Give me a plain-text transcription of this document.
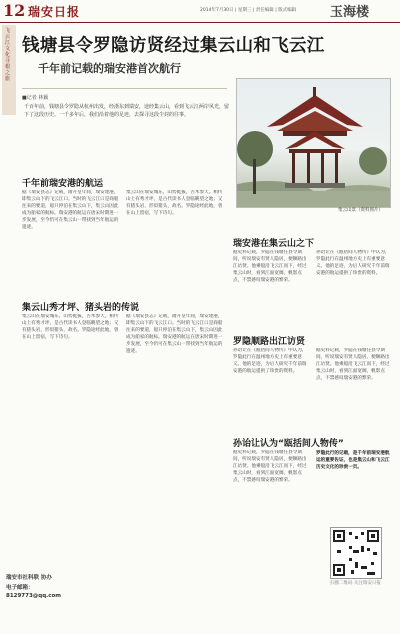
12 瑞安日报	2014年7月30日 | 星期三 | 责任编辑 | 版式编辑	玉海楼
飞云江文化寻根之旅
钱塘县令罗隐访贤经过集云山和飞云江
千年前记载的瑞安港首次航行
■记者 林颖
千百年前，钱塘县令罗隐从杭州出发，经浙东到瑞安，途经集云山，看到飞云江两岸风光，留下了这段历史。一千多年后，我们沿着他的足迹，去探寻这段尘封的往事。
集云山景（资料图片）
千年前瑞安港的航运
据《瑞安县志》记载，隋开皇年间，瑞安建港，即集云山下的飞云江口。当时的飞云江口是商船往来的要道，船只停泊在集云山下，集云山因此成为船家的航标。瑞安港的航运在唐宋时期进一步发展，至今仍可在集云山一带找到当年航运的遗迹。
集云山在瑞安城东，山势挺拔，古木参天。相传山上有秀才坪，是古代读书人登临眺望之地；又有猪头岩，形似猪头，故名。罗隐途经此地，曾在山上留宿，写下诗句。
集云山秀才坪、猪头岩的传说
集云山在瑞安城东，山势挺拔，古木参天。相传山上有秀才坪，是古代读书人登临眺望之地；又有猪头岩，形似猪头，故名。罗隐途经此地，曾在山上留宿，写下诗句。
据《瑞安县志》记载，隋开皇年间，瑞安建港，即集云山下的飞云江口。当时的飞云江口是商船往来的要道，船只停泊在集云山下，集云山因此成为船家的航标。瑞安港的航运在唐宋时期进一步发展，至今仍可在集云山一带找到当年航运的遗迹。
瑞安港在集云山之下
据史料记载，罗隐在钱塘任县令期间，听说瑞安有贤人隐居，便顺路出江访贤。他乘船沿飞云江而下，经过集云山时，看到江面宽阔，帆影点点，不禁感叹瑞安港的繁荣。
孙诒让在《瓯括间人物传》中认为，罗隐此行在温州地方史上有重要意义。他的足迹，为后人研究千年前瑞安港的航运提供了珍贵的资料。
罗隐顺路出江访贤
孙诒让在《瓯括间人物传》中认为，罗隐此行在温州地方史上有重要意义。他的足迹，为后人研究千年前瑞安港的航运提供了珍贵的资料。
据史料记载，罗隐在钱塘任县令期间，听说瑞安有贤人隐居，便顺路出江访贤。他乘船沿飞云江而下，经过集云山时，看到江面宽阔，帆影点点，不禁感叹瑞安港的繁荣。
孙诒让认为“瓯括间人物传”
据史料记载，罗隐在钱塘任县令期间，听说瑞安有贤人隐居，便顺路出江访贤。他乘船沿飞云江而下，经过集云山时，看到江面宽阔，帆影点点，不禁感叹瑞安港的繁荣。
罗隐此行的记载，是千年前瑞安港航运的重要佐证，也是集云山和飞云江历史文化的珍贵一页。
扫描二维码 关注瑞安日报
瑞安市社科联 协办
电子邮箱：
8129773@qq.com
